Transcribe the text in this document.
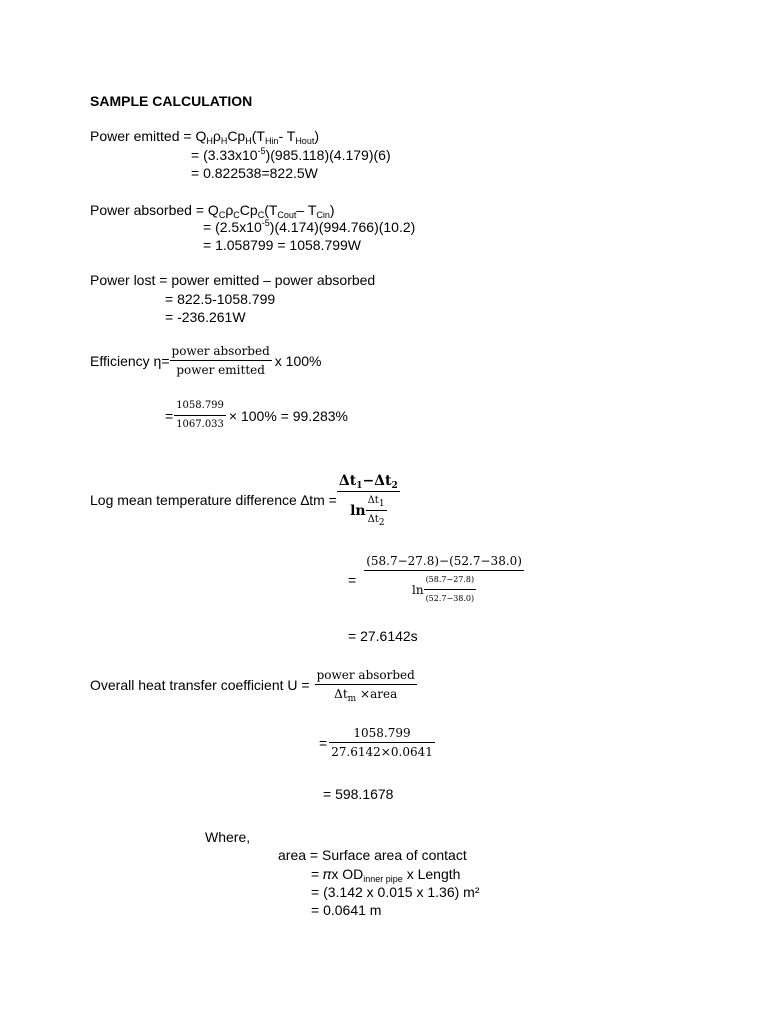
SAMPLE CALCULATION
Power emitted = $Q_H\rho_HCp_H(T_{Hin}-$ $T_{Hout}$)
= $(3.33x10^{-5})(985.118)(4.179)(6)$
= 0.822538=822.5W
Power absorbed = $Q_C\rho_CCp_C(T_{Cout}-$ $T_{Cin}$)
= $(2.5x10^{-5})(4.174)(994.766)(10.2)$
= 1.058799 = 1058.799W
Power lost = power emitted – power absorbed
= 822.5-1058.799
= -236.261W
Efficiency $\eta= \frac{\text{power absorbed}}{\text{power emitted}}$ x 100%
= $\frac{1058.799}{1067.033} \times 100\% = 99.283\%$
Log mean temperature difference $\Delta tm = \frac{\Delta t_1-\Delta t_2}{\ln \frac{\Delta t_1}{\Delta t_2}}$
= $\frac{(58.7-27.8)-(52.7-38.0)}{\ln \frac{(58.7-27.8)}{(52.7-38.0)}}$
= 27.6142s
Overall heat transfer coefficient $U = \frac{\text{power absorbed}}{\Delta t_m \times area}$
= $\frac{1058.799}{27.6142\times 0.0641}$
= 598.1678
Where,
area = Surface area of contact
= 𝜋x $OD_{inner pipe}$ x Length
= (3.142 x 0.015 x 1.36) m²
= 0.0641 m
